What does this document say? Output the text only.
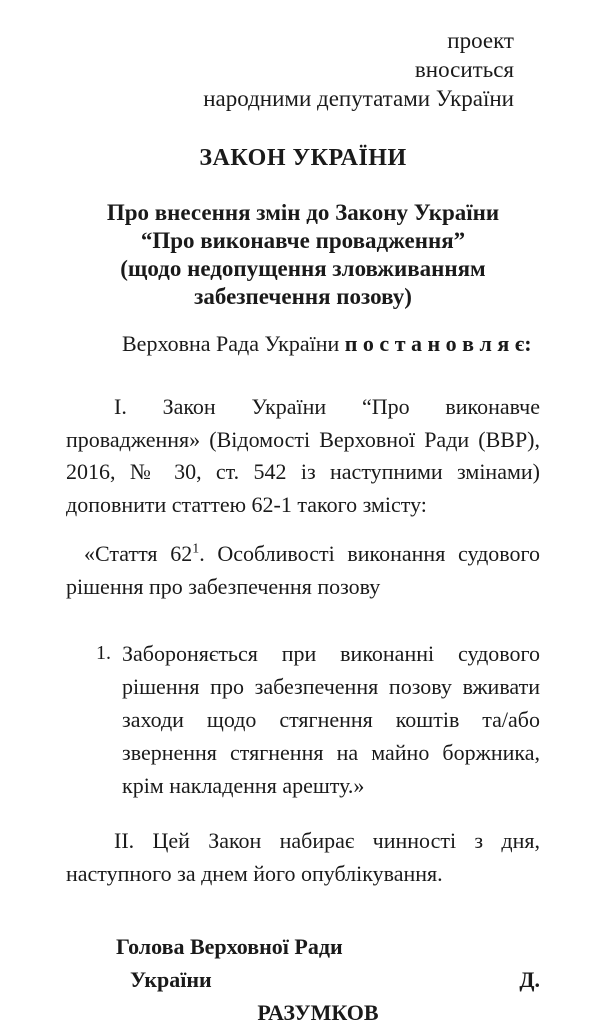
проект
вноситься
народними депутатами України
ЗАКОН УКРАЇНИ
Про внесення змін до Закону України “Про виконавче провадження”
(щодо недопущення зловживанням забезпечення позову)
Верховна Рада України п о с т а н о в л я є:
І. Закон України “Про виконавче провадження» (Відомості Верховної Ради (ВВР), 2016, № 30, ст. 542 із наступними змінами) доповнити статтею 62-1 такого змісту:
«Стаття $62^1$. Особливості виконання судового рішення про забезпечення позову
1. Забороняється при виконанні судового рішення про забезпечення позову вживати заходи щодо стягнення коштів та/або звернення стягнення на майно боржника, крім накладення арешту.»
ІІ. Цей Закон набирає чинності з дня, наступного за днем його опублікування.
Голова Верховної Ради
України	Д.
РАЗУМКОВ
